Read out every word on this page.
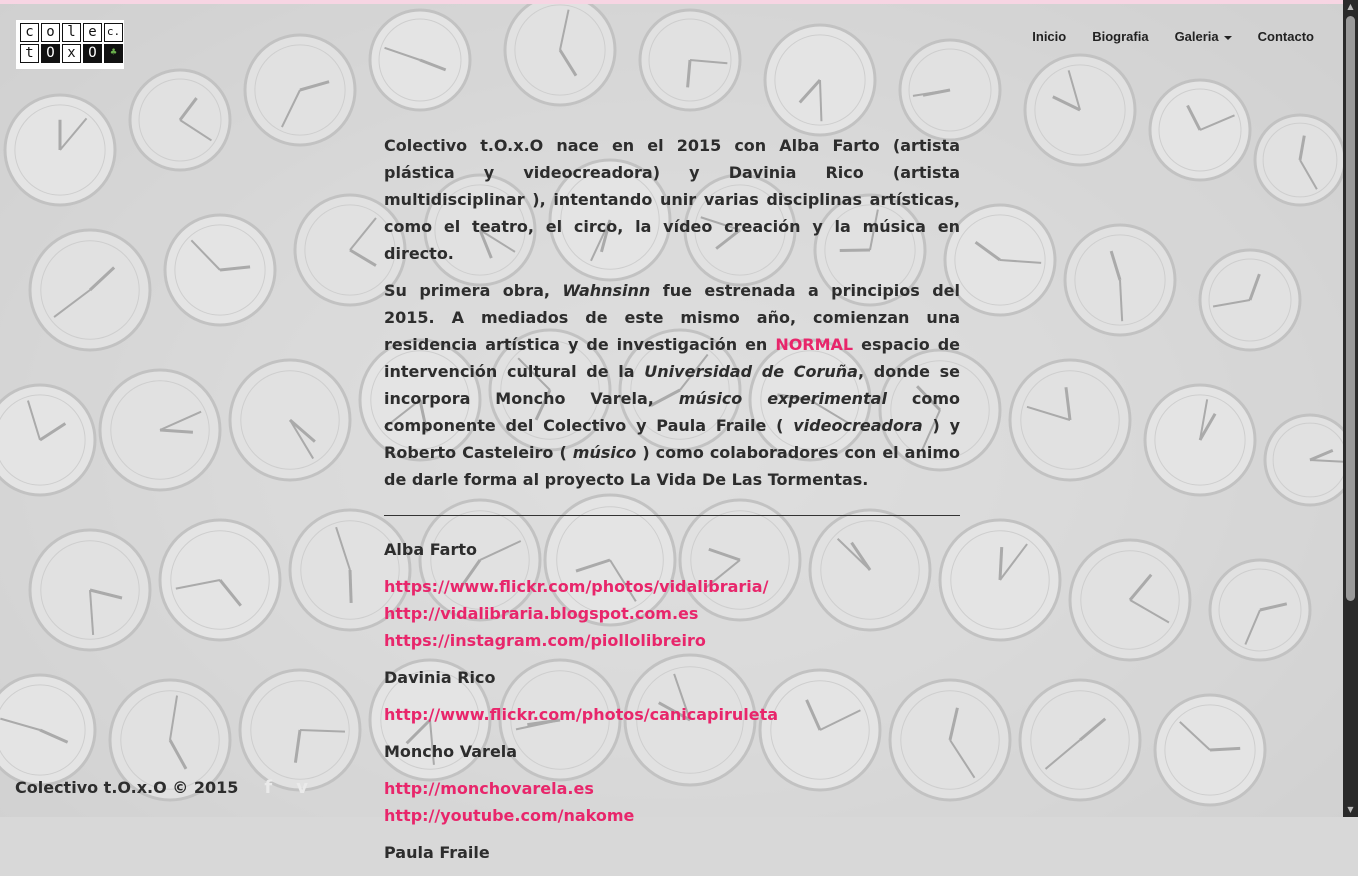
c o l e c.
t O x O	♣
Inicio Biografia Galeria	Contacto

Colectivo t.O.x.O nace en el 2015 con Alba Farto (artista plástica y videocreadora) y Davinia Rico (artista multidisciplinar ), intentando unir varias disciplinas artísticas, como el teatro, el circo, la vídeo creación y la música en directo.

Su primera obra, Wahnsinn fue estrenada a principios del 2015. A mediados de este mismo año, comienzan una residencia artística y de investigación en NORMAL espacio de intervención cultural de la Universidad de Coruña, donde se incorpora Moncho Varela, músico experimental como componente del Colectivo y Paula Fraile ( videocreadora ) y Roberto Casteleiro ( músico ) como colaboradores con el animo de darle forma al proyecto La Vida De Las Tormentas.

Alba Farto
https://www.flickr.com/photos/vidalibraria/
http://vidalibraria.blogspot.com.es
https://instagram.com/piollolibreiro
Davinia Rico
http://www.flickr.com/photos/canicapiruleta
Moncho Varela
http://monchovarela.es
http://youtube.com/nakome
Paula Fraile
Colectivo t.O.x.O © 2015 f v
▲
▼
